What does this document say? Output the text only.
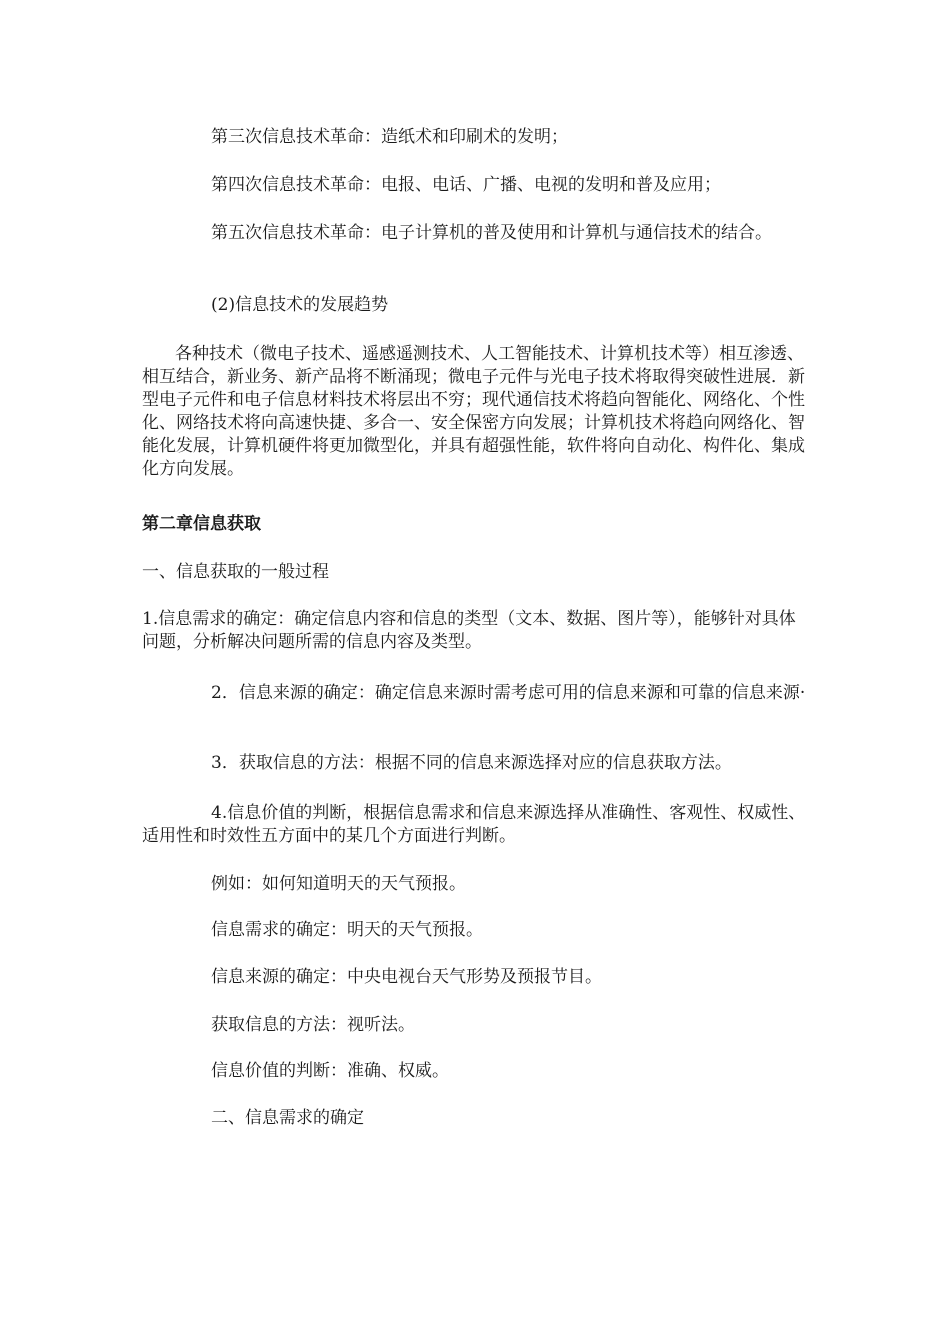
第三次信息技术革命：造纸术和印刷术的发明；

第四次信息技术革命：电报、电话、广播、电视的发明和普及应用；

第五次信息技术革命：电子计算机的普及使用和计算机与通信技术的结合。

(2)信息技术的发展趋势

各种技术（微电子技术、遥感遥测技术、人工智能技术、计算机技术等）相互渗透、相互结合，新业务、新产品将不断涌现；微电子元件与光电子技术将取得突破性进展．新型电子元件和电子信息材料技术将层出不穷；现代通信技术将趋向智能化、网络化、个性化、网络技术将向高速快捷、多合一、安全保密方向发展；计算机技术将趋向网络化、智能化发展，计算机硬件将更加微型化，并具有超强性能，软件将向自动化、构件化、集成化方向发展。

第二章信息获取

一、信息获取的一般过程

1.信息需求的确定：确定信息内容和信息的类型（文本、数据、图片等），能够针对具体问题，分析解决问题所需的信息内容及类型。

2．信息来源的确定：确定信息来源时需考虑可用的信息来源和可靠的信息来源·

3．获取信息的方法：根据不同的信息来源选择对应的信息获取方法。

4.信息价值的判断，根据信息需求和信息来源选择从准确性、客观性、权威性、适用性和时效性五方面中的某几个方面进行判断。

例如：如何知道明天的天气预报。

信息需求的确定：明天的天气预报。

信息来源的确定：中央电视台天气形势及预报节目。

获取信息的方法：视听法。

信息价值的判断：准确、权威。

二、信息需求的确定
